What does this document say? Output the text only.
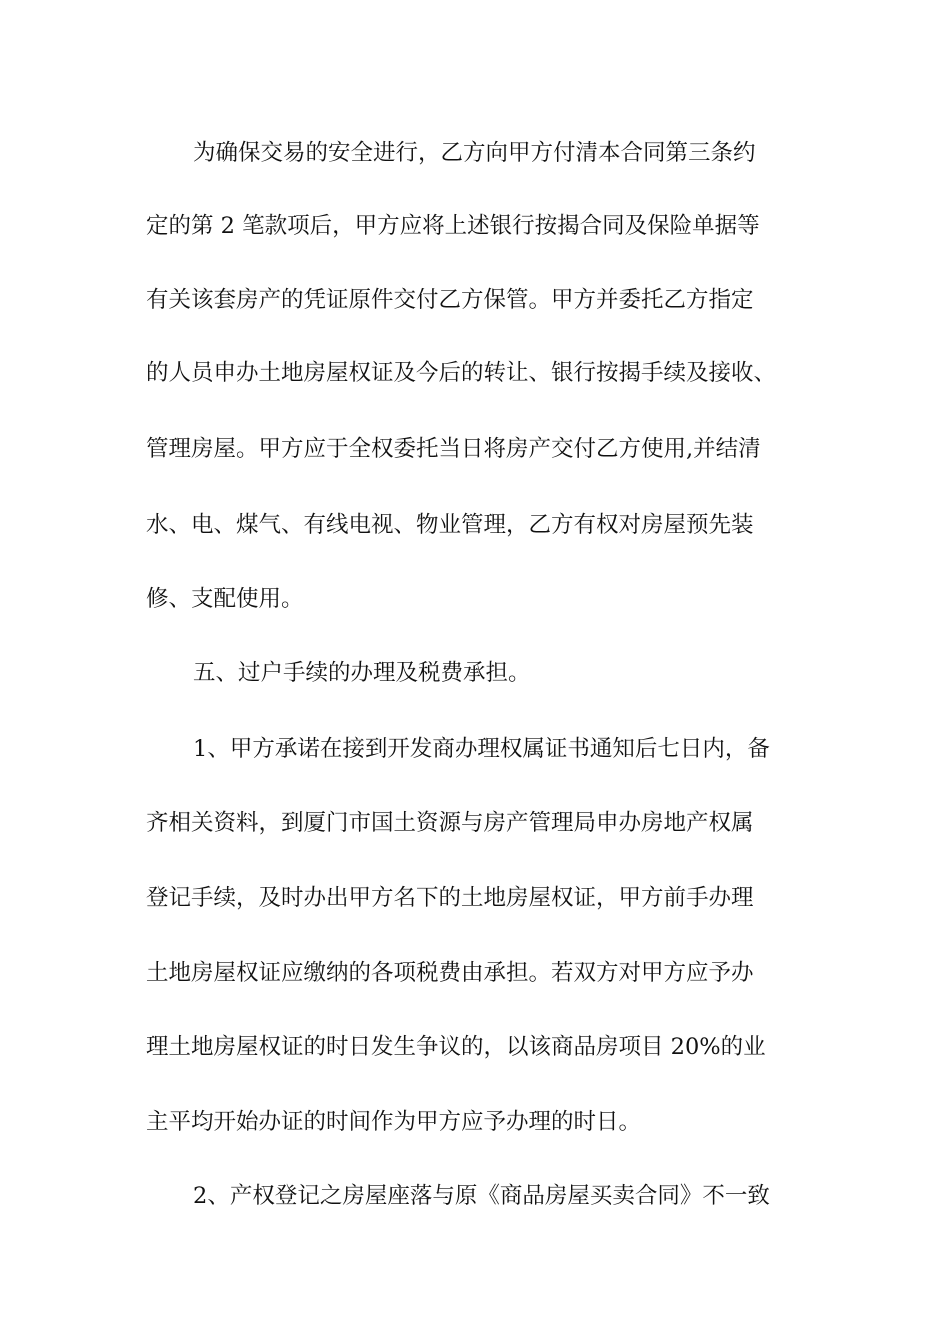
为确保交易的安全进行，乙方向甲方付清本合同第三条约
定的第 2 笔款项后，甲方应将上述银行按揭合同及保险单据等
有关该套房产的凭证原件交付乙方保管。甲方并委托乙方指定
的人员申办土地房屋权证及今后的转让、银行按揭手续及接收、
管理房屋。甲方应于全权委托当日将房产交付乙方使用,并结清
水、电、煤气、有线电视、物业管理，乙方有权对房屋预先装
修、支配使用。
五、过户手续的办理及税费承担。
1、甲方承诺在接到开发商办理权属证书通知后七日内，备
齐相关资料，到厦门市国土资源与房产管理局申办房地产权属
登记手续，及时办出甲方名下的土地房屋权证，甲方前手办理
土地房屋权证应缴纳的各项税费由承担。若双方对甲方应予办
理土地房屋权证的时日发生争议的，以该商品房项目 20%的业
主平均开始办证的时间作为甲方应予办理的时日。
2、产权登记之房屋座落与原《商品房屋买卖合同》不一致
